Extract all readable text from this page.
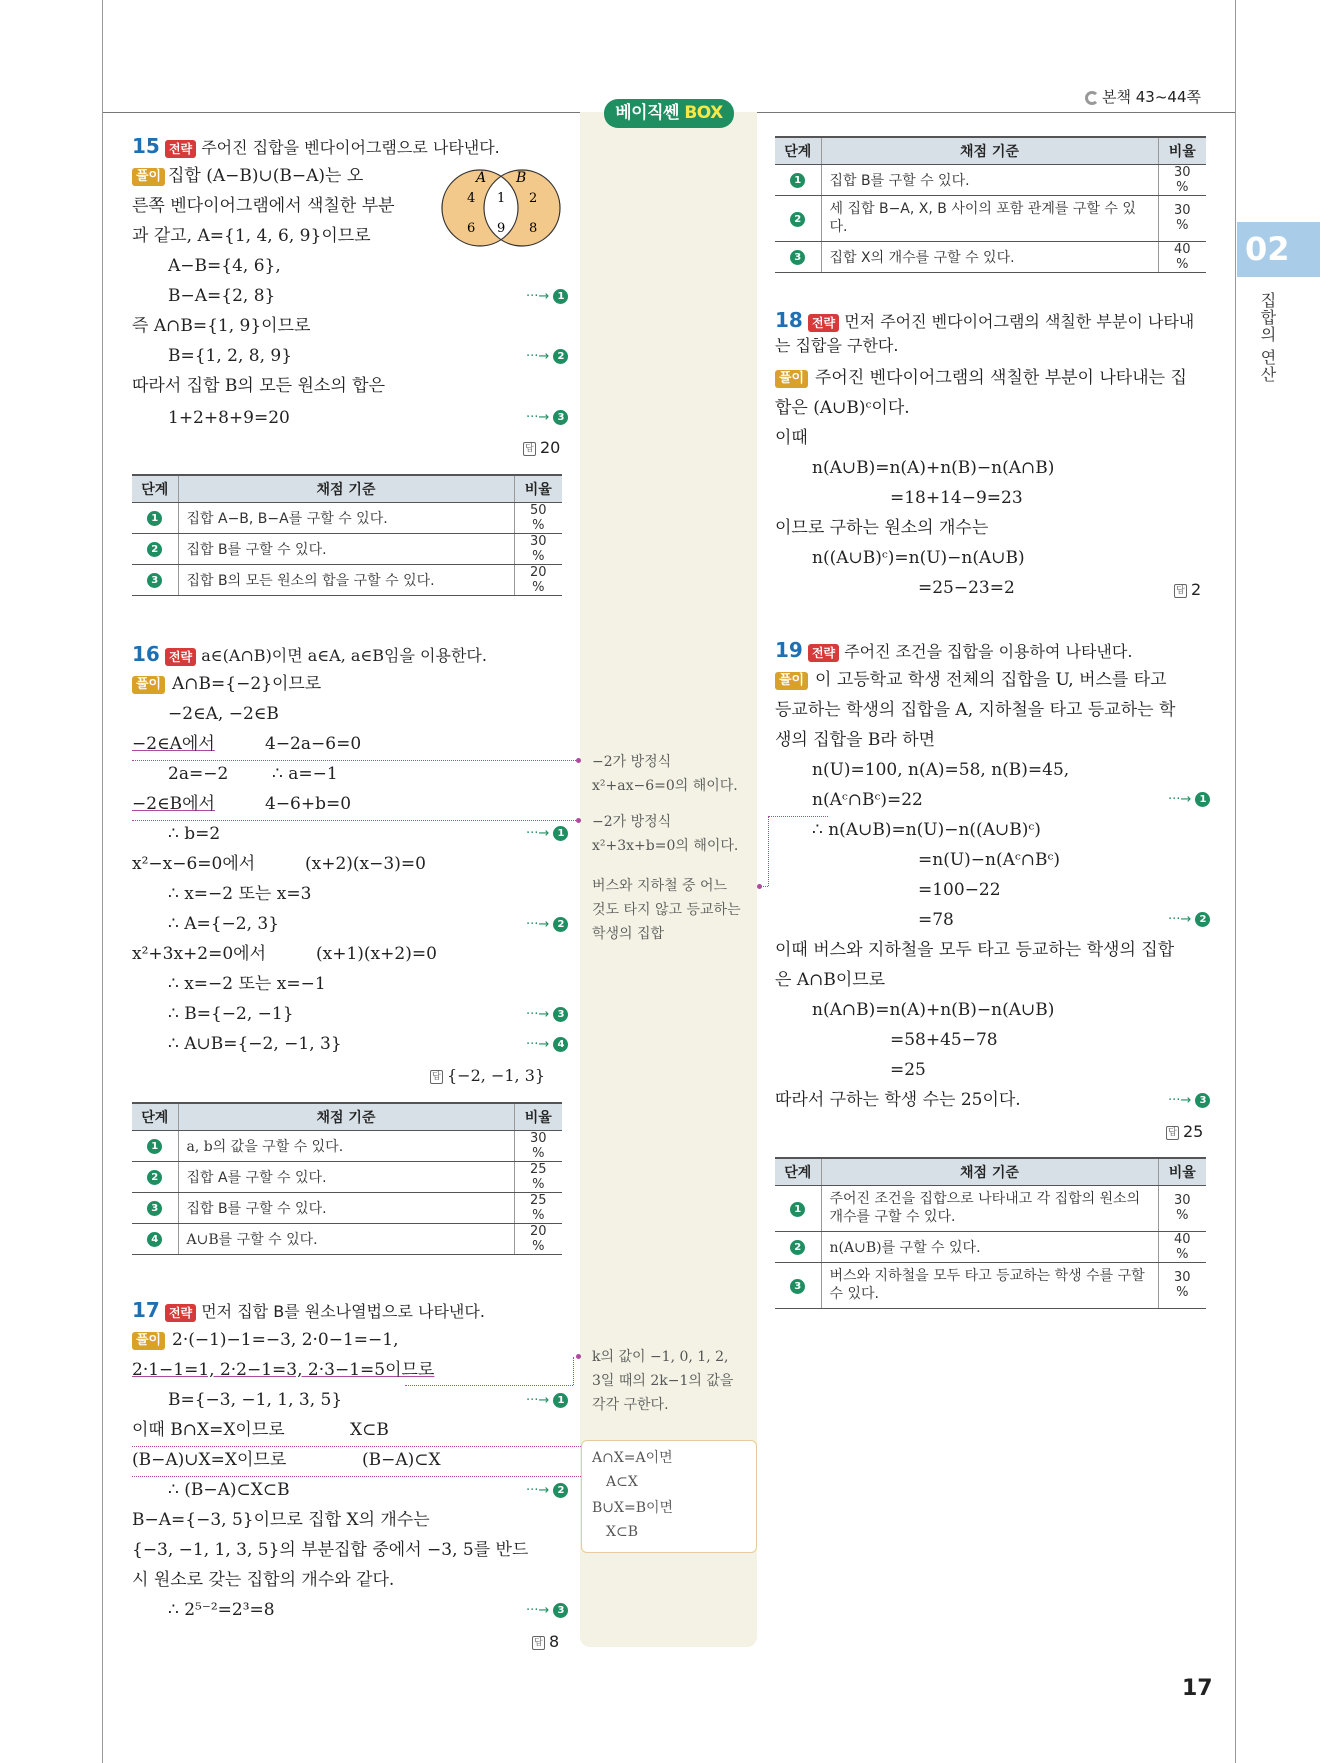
본책 43~44쪽
베이직쎈 BOX
02
집합의 연산
15 전략 주어진 집합을 벤다이어그램으로 나타낸다.
풀이 집합 (A−B)∪(B−A)는 오
른쪽 벤다이어그램에서 색칠한 부분
과 같고, A={1, 4, 6, 9}이므로
A−B={4, 6},
B−A={2, 8}
즉 A∩B={1, 9}이므로
B={1, 2, 8, 9}
따라서 집합 B의 모든 원소의 합은
1+2+8+9=20
···→ 1
···→ 2
···→ 3
답 20
A B
4
6
1
9
2
8
단계	채점 기준	비율
1	집합 A−B, B−A를 구할 수 있다.	50 %
2	집합 B를 구할 수 있다.	30 %
3	집합 B의 모든 원소의 합을 구할 수 있다.	20 %
16 전략 a∈(A∩B)이면 a∈A, a∈B임을 이용한다.
풀이 A∩B={−2}이므로
−2∈A, −2∈B
−2∈A에서	4−2a−6=0
2a=−2	∴ a=−1
−2∈B에서	4−6+b=0
∴ b=2
x²−x−6=0에서	(x+2)(x−3)=0
∴ x=−2 또는 x=3
∴ A={−2, 3}
x²+3x+2=0에서	(x+1)(x+2)=0
∴ x=−2 또는 x=−1
∴ B={−2, −1}
∴ A∪B={−2, −1, 3}
···→ 1
···→ 2
···→ 3
···→ 4
답 {−2, −1, 3}
−2가 방정식
x²+ax−6=0의 해이다.
−2가 방정식
x²+3x+b=0의 해이다.
버스와 지하철 중 어느
것도 타지 않고 등교하는
학생의 집합
단계	채점 기준	비율
1	a, b의 값을 구할 수 있다.	30 %
2	집합 A를 구할 수 있다.	25 %
3	집합 B를 구할 수 있다.	25 %
4	A∪B를 구할 수 있다.	20 %
17 전략 먼저 집합 B를 원소나열법으로 나타낸다.
풀이 2·(−1)−1=−3, 2·0−1=−1,
2·1−1=1, 2·2−1=3, 2·3−1=5이므로
B={−3, −1, 1, 3, 5}
이때 B∩X=X이므로	X⊂B
(B−A)∪X=X이므로	(B−A)⊂X
∴ (B−A)⊂X⊂B
B−A={−3, 5}이므로 집합 X의 개수는
{−3, −1, 1, 3, 5}의 부분집합 중에서 −3, 5를 반드
시 원소로 갖는 집합의 개수와 같다.
∴ 2⁵⁻²=2³=8
···→ 1
···→ 2
···→ 3
답 8
k의 값이 −1, 0, 1, 2,
3일 때의 2k−1의 값을
각각 구한다.
A∩X=A이면
A⊂X
B∪X=B이면
X⊂B
단계	채점 기준	비율
1	집합 B를 구할 수 있다.	30 %
2	세 집합 B−A, X, B 사이의 포함 관계를 구할 수 있다.	30 %
3	집합 X의 개수를 구할 수 있다.	40 %
18 전략 먼저 주어진 벤다이어그램의 색칠한 부분이 나타내
는 집합을 구한다.
풀이 주어진 벤다이어그램의 색칠한 부분이 나타내는 집
합은 (A∪B)ᶜ이다.
이때
n(A∪B)=n(A)+n(B)−n(A∩B)
=18+14−9=23
이므로 구하는 원소의 개수는
n((A∪B)ᶜ)=n(U)−n(A∪B)
=25−23=2	답 2
19 전략 주어진 조건을 집합을 이용하여 나타낸다.
풀이 이 고등학교 학생 전체의 집합을 U, 버스를 타고
등교하는 학생의 집합을 A, 지하철을 타고 등교하는 학
생의 집합을 B라 하면
n(U)=100, n(A)=58, n(B)=45,
n(Aᶜ∩Bᶜ)=22
∴ n(A∪B)=n(U)−n((A∪B)ᶜ)
=n(U)−n(Aᶜ∩Bᶜ)
=100−22
=78
이때 버스와 지하철을 모두 타고 등교하는 학생의 집합
은 A∩B이므로
n(A∩B)=n(A)+n(B)−n(A∪B)
=58+45−78
=25
따라서 구하는 학생 수는 25이다.
···→ 1
···→ 2
···→ 3
답 25
단계	채점 기준	비율
1	주어진 조건을 집합으로 나타내고 각 집합의 원소의 개수를 구할 수 있다.	30 %
2	n(A∪B)를 구할 수 있다.	40 %
3	버스와 지하철을 모두 타고 등교하는 학생 수를 구할 수 있다.	30 %
17
